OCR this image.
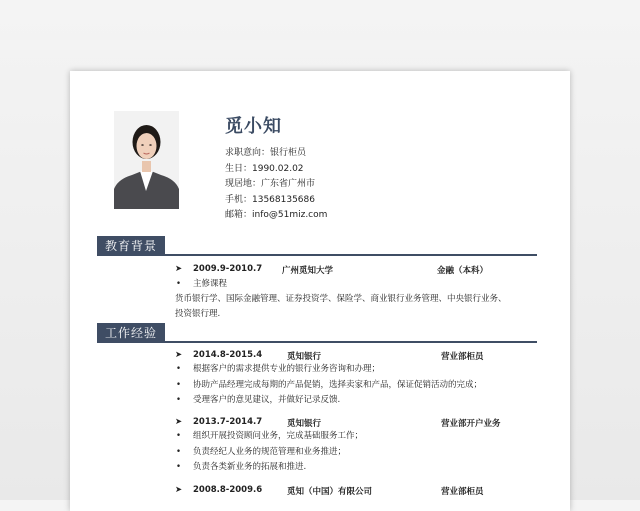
觅小知
求职意向：银行柜员
生日：1990.02.02
现居地：广东省广州市
手机：13568135686
邮箱：info@51miz.com
教育背景
➤ 2009.9-2010.7 广州觅知大学	金融（本科）
• 主修课程
货币银行学、国际金融管理、证券投资学、保险学、商业银行业务管理、中央银行业务、
投资银行理.
工作经验
➤ 2014.8-2015.4	觅知银行	营业部柜员
• 根据客户的需求提供专业的银行业务咨询和办理；
• 协助产品经理完成每期的产品促销，选择卖家和产品，保证促销活动的完成；
• 受理客户的意见建议，并做好记录反馈.
➤ 2013.7-2014.7	觅知银行	营业部开户业务
• 组织开展投资顾问业务，完成基础服务工作；
• 负责经纪人业务的规范管理和业务推进；
• 负责各类新业务的拓展和推进.
➤ 2008.8-2009.6	觅知（中国）有限公司	营业部柜员
